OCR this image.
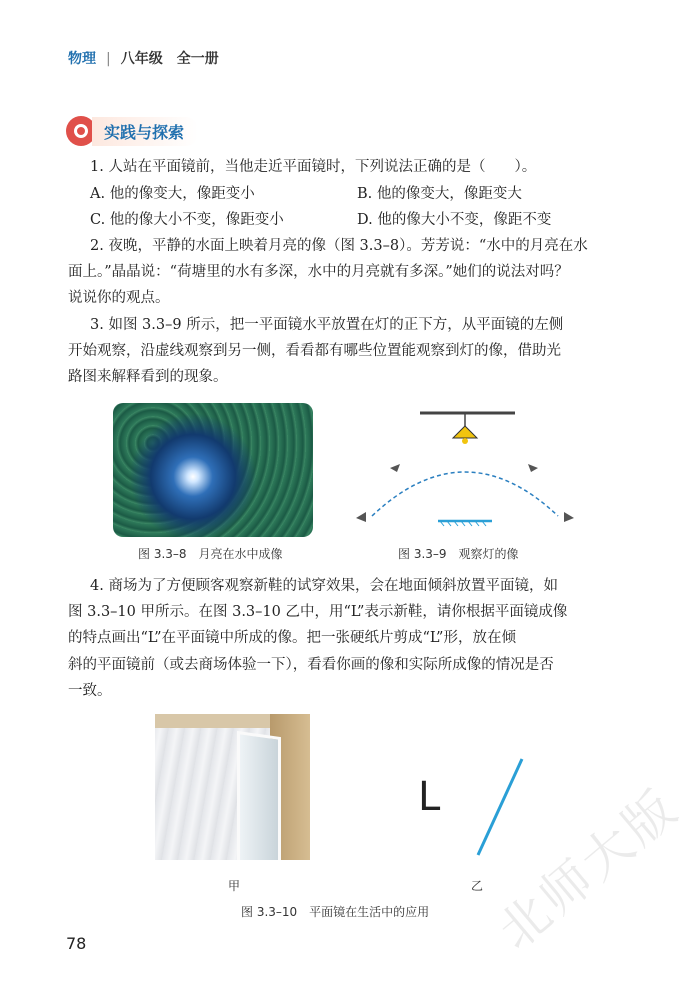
物理 | 八年级　全一册
实践与探索
1. 人站在平面镜前，当他走近平面镜时，下列说法正确的是（　　）。
A. 他的像变大，像距变小	B. 他的像变大，像距变大
C. 他的像大小不变，像距变小	D. 他的像大小不变，像距不变
2. 夜晚，平静的水面上映着月亮的像（图 3.3–8）。芳芳说：“水中的月亮在水
面上。”晶晶说：“荷塘里的水有多深，水中的月亮就有多深。”她们的说法对吗？
说说你的观点。
3. 如图 3.3–9 所示，把一平面镜水平放置在灯的正下方，从平面镜的左侧
开始观察，沿虚线观察到另一侧，看看都有哪些位置能观察到灯的像，借助光
路图来解释看到的现象。
图 3.3–8　月亮在水中成像	图 3.3–9　观察灯的像
4. 商场为了方便顾客观察新鞋的试穿效果，会在地面倾斜放置平面镜，如
图 3.3–10 甲所示。在图 3.3–10 乙中，用“L”表示新鞋，请你根据平面镜成像
的特点画出“L”在平面镜中所成的像。把一张硬纸片剪成“L”形，放在倾
斜的平面镜前（或去商场体验一下），看看你画的像和实际所成像的情况是否
一致。
甲
L
乙
图 3.3–10　平面镜在生活中的应用
78	北师大版
